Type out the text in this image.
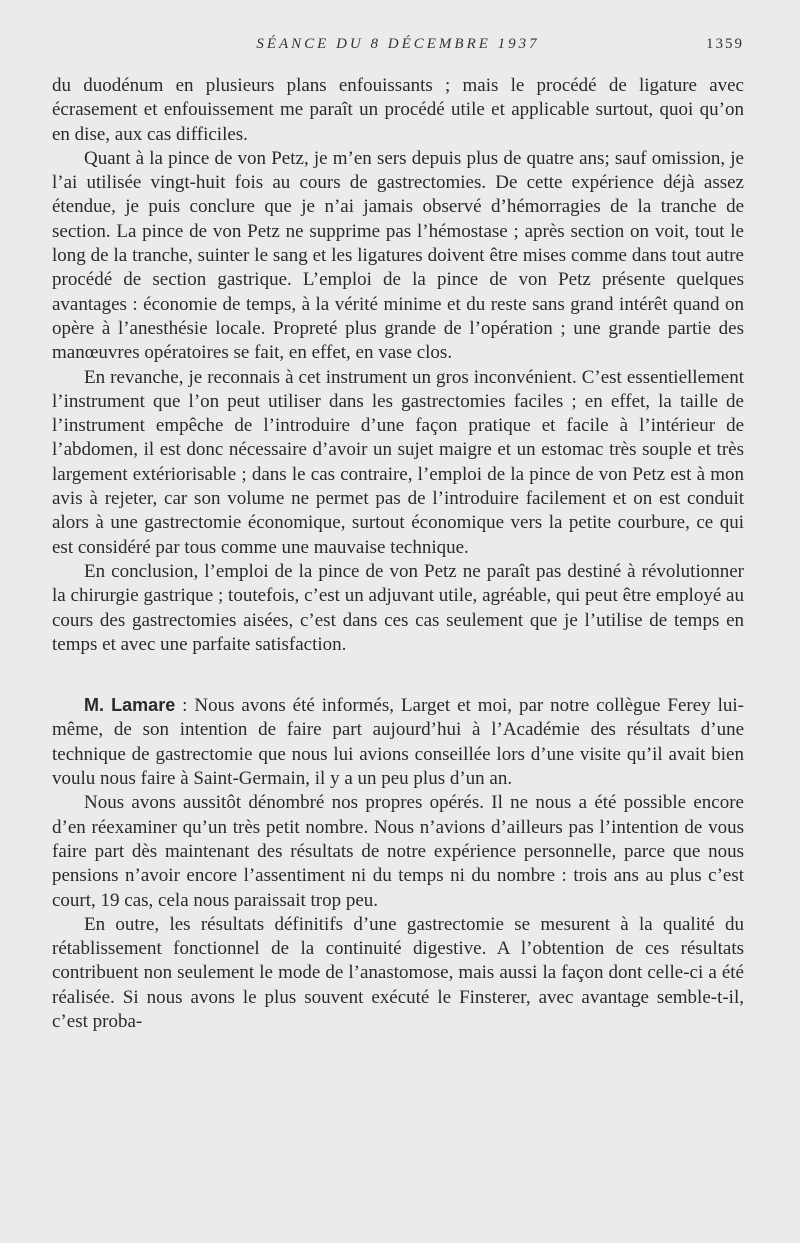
SÉANCE DU 8 DÉCEMBRE 1937	1359

du duodénum en plusieurs plans enfouissants ; mais le procédé de ligature avec écrasement et enfouissement me paraît un procédé utile et applicable surtout, quoi qu’on en dise, aux cas difficiles.

Quant à la pince de von Petz, je m’en sers depuis plus de quatre ans; sauf omission, je l’ai utilisée vingt-huit fois au cours de gastrectomies. De cette expérience déjà assez étendue, je puis conclure que je n’ai jamais observé d’hémorragies de la tranche de section. La pince de von Petz ne supprime pas l’hémostase ; après section on voit, tout le long de la tranche, suinter le sang et les ligatures doivent être mises comme dans tout autre procédé de section gastrique. L’emploi de la pince de von Petz présente quelques avantages : économie de temps, à la vérité minime et du reste sans grand intérêt quand on opère à l’anesthésie locale. Propreté plus grande de l’opération ; une grande partie des manœuvres opératoires se fait, en effet, en vase clos.

En revanche, je reconnais à cet instrument un gros inconvénient. C’est essentiellement l’instrument que l’on peut utiliser dans les gastrectomies faciles ; en effet, la taille de l’instrument empêche de l’introduire d’une façon pratique et facile à l’intérieur de l’abdomen, il est donc nécessaire d’avoir un sujet maigre et un estomac très souple et très largement extériorisable ; dans le cas contraire, l’emploi de la pince de von Petz est à mon avis à rejeter, car son volume ne permet pas de l’introduire facilement et on est conduit alors à une gastrectomie économique, surtout économique vers la petite courbure, ce qui est considéré par tous comme une mauvaise technique.

En conclusion, l’emploi de la pince de von Petz ne paraît pas destiné à révolutionner la chirurgie gastrique ; toutefois, c’est un adjuvant utile, agréable, qui peut être employé au cours des gastrectomies aisées, c’est dans ces cas seulement que je l’utilise de temps en temps et avec une parfaite satisfaction.

M. Lamare : Nous avons été informés, Larget et moi, par notre collègue Ferey lui-même, de son intention de faire part aujourd’hui à l’Académie des résultats d’une technique de gastrectomie que nous lui avions conseillée lors d’une visite qu’il avait bien voulu nous faire à Saint-Germain, il y a un peu plus d’un an.

Nous avons aussitôt dénombré nos propres opérés. Il ne nous a été possible encore d’en réexaminer qu’un très petit nombre. Nous n’avions d’ailleurs pas l’intention de vous faire part dès maintenant des résultats de notre expérience personnelle, parce que nous pensions n’avoir encore l’assentiment ni du temps ni du nombre : trois ans au plus c’est court, 19 cas, cela nous paraissait trop peu.

En outre, les résultats définitifs d’une gastrectomie se mesurent à la qualité du rétablissement fonctionnel de la continuité digestive. A l’obtention de ces résultats contribuent non seulement le mode de l’anastomose, mais aussi la façon dont celle-ci a été réalisée. Si nous avons le plus souvent exécuté le Finsterer, avec avantage semble-t-il, c’est proba-
